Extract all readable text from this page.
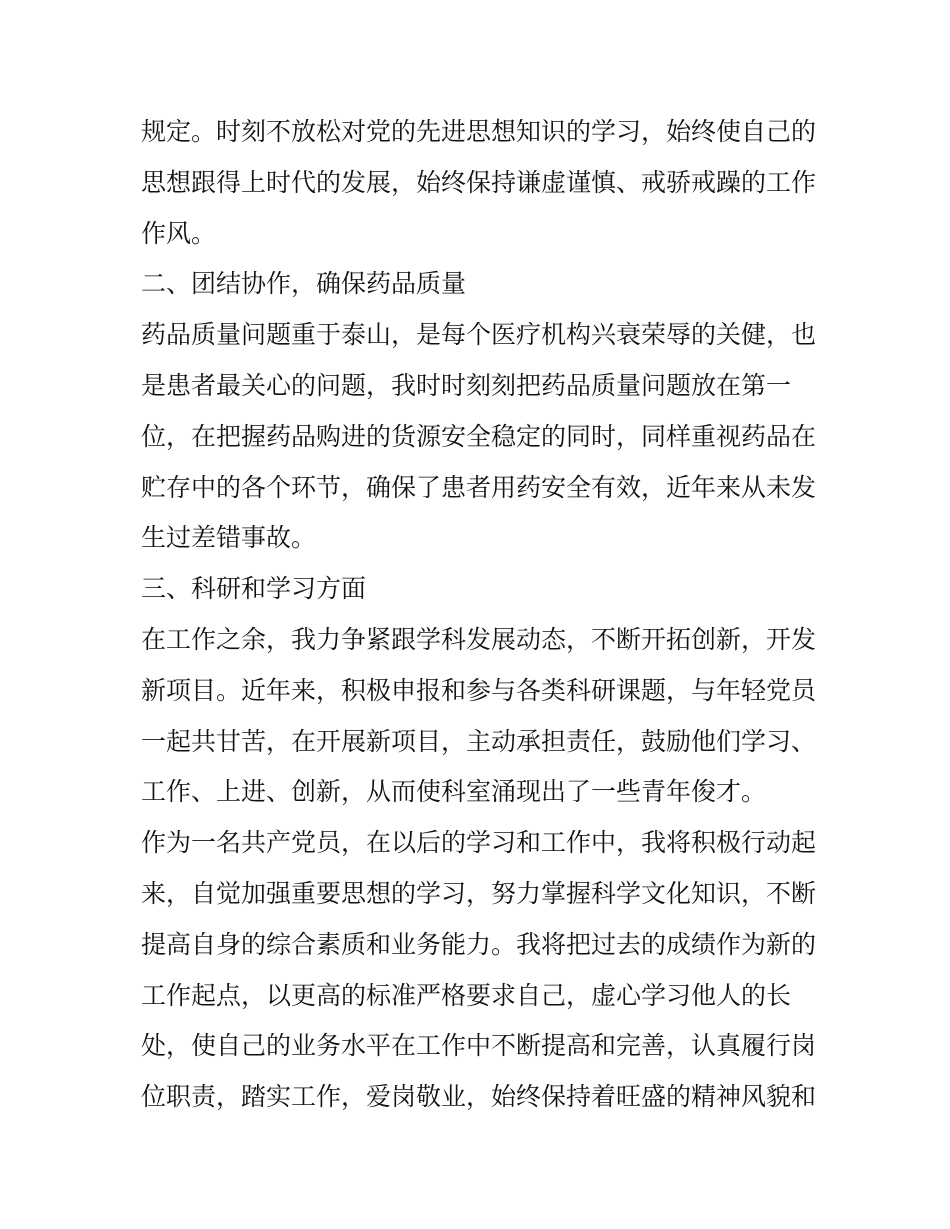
规定。时刻不放松对党的先进思想知识的学习，始终使自己的

思想跟得上时代的发展，始终保持谦虚谨慎、戒骄戒躁的工作

作风。

二、团结协作，确保药品质量

药品质量问题重于泰山，是每个医疗机构兴衰荣辱的关健，也

是患者最关心的问题，我时时刻刻把药品质量问题放在第一

位，在把握药品购进的货源安全稳定的同时，同样重视药品在

贮存中的各个环节，确保了患者用药安全有效，近年来从未发

生过差错事故。

三、科研和学习方面

在工作之余，我力争紧跟学科发展动态，不断开拓创新，开发

新项目。近年来，积极申报和参与各类科研课题，与年轻党员

一起共甘苦，在开展新项目，主动承担责任，鼓励他们学习、

工作、上进、创新，从而使科室涌现出了一些青年俊才。

作为一名共产党员，在以后的学习和工作中，我将积极行动起

来，自觉加强重要思想的学习，努力掌握科学文化知识，不断

提高自身的综合素质和业务能力。我将把过去的成绩作为新的

工作起点，以更高的标准严格要求自己，虚心学习他人的长

处，使自己的业务水平在工作中不断提高和完善，认真履行岗

位职责，踏实工作，爱岗敬业，始终保持着旺盛的精神风貌和
